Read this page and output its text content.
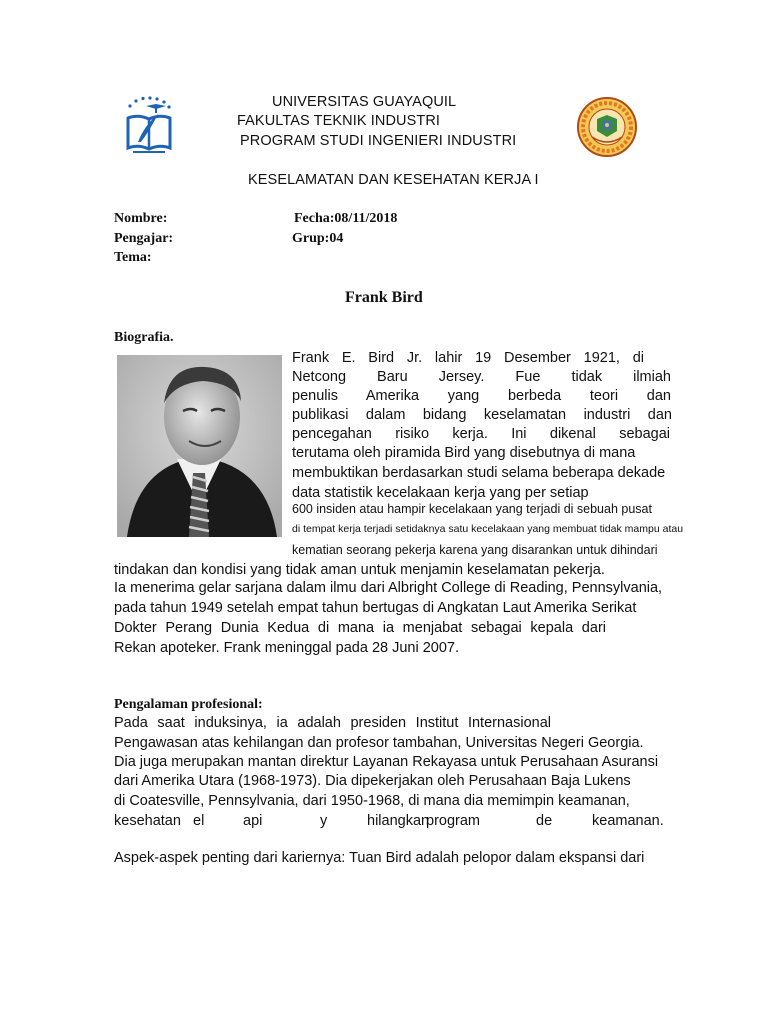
UNIVERSITAS GUAYAQUIL
FAKULTAS TEKNIK INDUSTRI
PROGRAM STUDI INGENIERI INDUSTRI
KESELAMATAN DAN KESEHATAN KERJA I
Nombre:	Fecha:08/11/2018
Pengajar:	Grup:04
Tema:
Frank Bird
Biografia.
Frank E. Bird Jr. lahir 19 Desember 1921, di
Netcong Baru Jersey. Fue tidak ilmiah
penulis Amerika yang berbeda teori dan
publikasi dalam bidang keselamatan industri dan
pencegahan risiko kerja. Ini dikenal sebagai
terutama oleh piramida Bird yang disebutnya di mana
membuktikan berdasarkan studi selama beberapa dekade
data statistik kecelakaan kerja yang per setiap
600 insiden atau hampir kecelakaan yang terjadi di sebuah pusat
di tempat kerja terjadi setidaknya satu kecelakaan yang membuat tidak mampu atau
kematian seorang pekerja karena yang disarankan untuk dihindari
tindakan dan kondisi yang tidak aman untuk menjamin keselamatan pekerja.
Ia menerima gelar sarjana dalam ilmu dari Albright College di Reading, Pennsylvania,
pada tahun 1949 setelah empat tahun bertugas di Angkatan Laut Amerika Serikat
Dokter Perang Dunia Kedua di mana ia menjabat sebagai kepala dari
Rekan apoteker. Frank meninggal pada 28 Juni 2007.
Pengalaman profesional:
Pada saat induksinya, ia adalah presiden Institut Internasional
Pengawasan atas kehilangan dan profesor tambahan, Universitas Negeri Georgia.
Dia juga merupakan mantan direktur Layanan Rekayasa untuk Perusahaan Asuransi
dari Amerika Utara (1968-1973). Dia dipekerjakan oleh Perusahaan Baja Lukens
di Coatesville, Pennsylvania, dari 1950-1968, di mana dia memimpin keamanan,
kesehatan el	api	y	hilangkan
program	de	keamanan.
Aspek-aspek penting dari kariernya: Tuan Bird adalah pelopor dalam ekspansi dari
